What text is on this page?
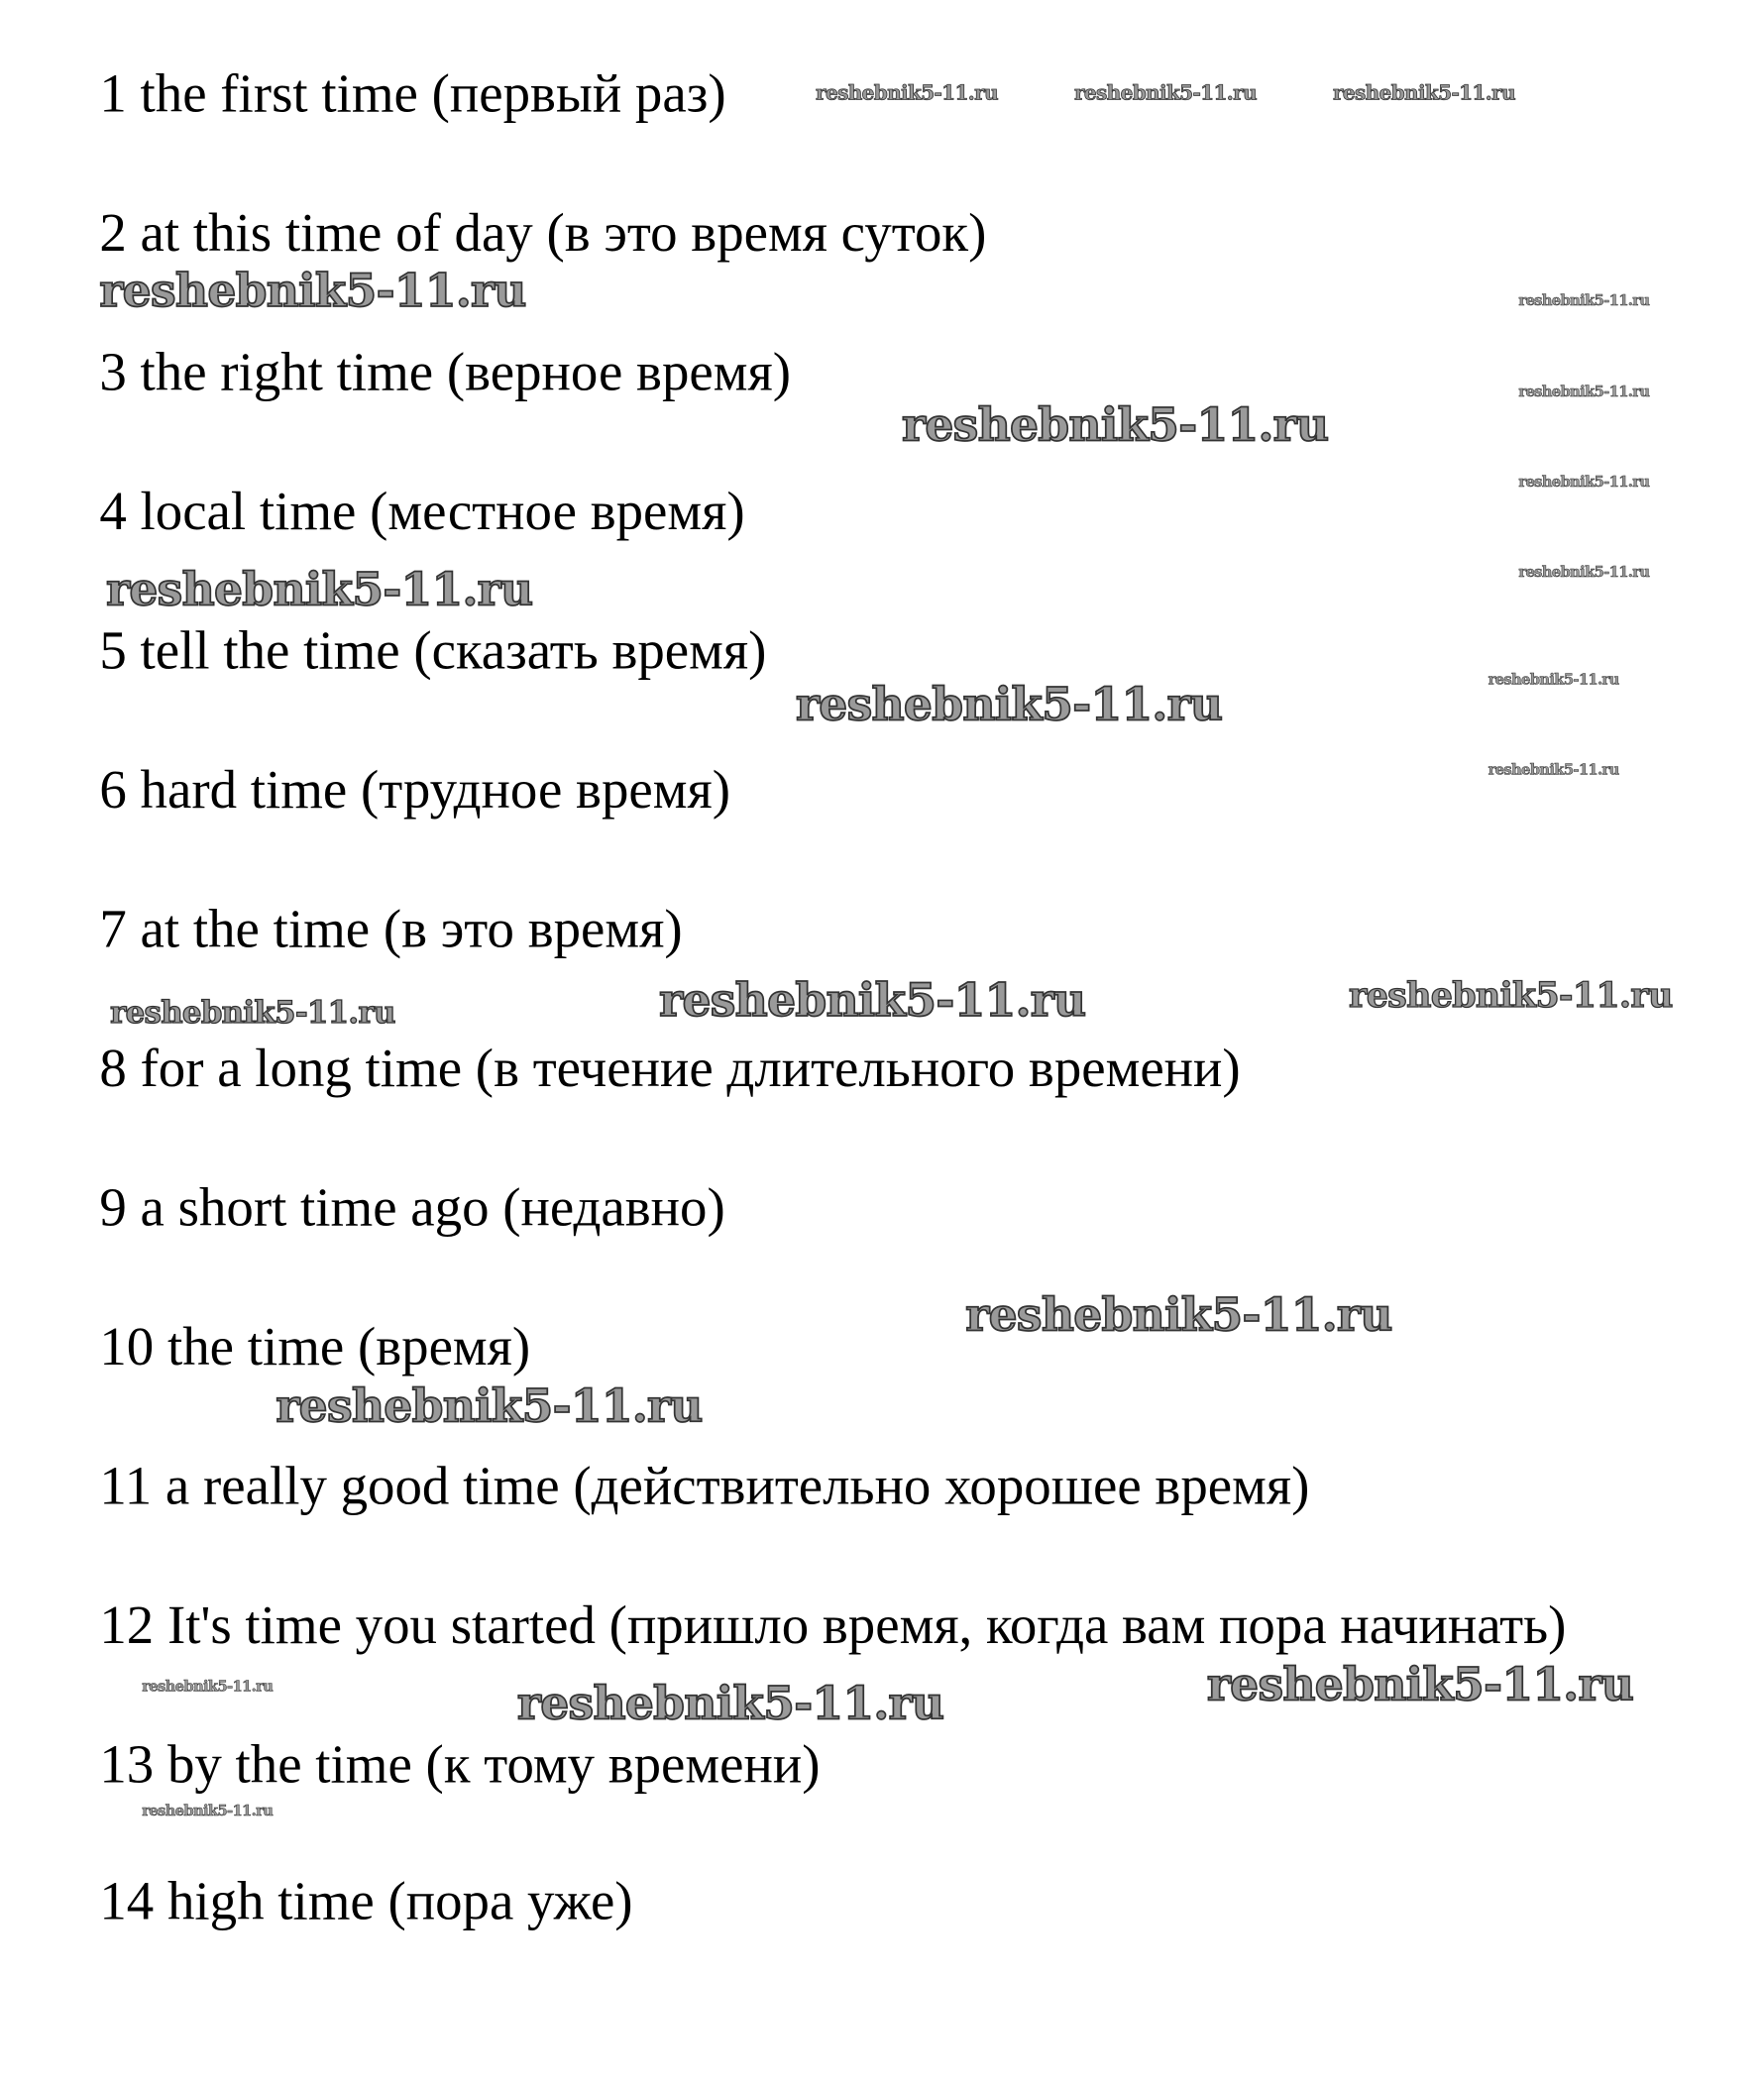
1 the first time (первый раз)
2 at this time of day (в это время суток)
3 the right time (верное время)
4 local time (местное время)
5 tell the time (сказать время)
6 hard time (трудное время)
7 at the time (в это время)
8 for a long time (в течение длительного времени)
9 a short time ago (недавно)
10 the time (время)
11 a really good time (действительно хорошее время)
12 It's time you started (пришло время, когда вам пора начинать)
13 by the time (к тому времени)
14 high time (пора уже)
reshebnik5-11.ru	reshebnik5-11.ru	reshebnik5-11.ru
reshebnik5-11.ru	reshebnik5-11.ru
reshebnik5-11.ru
reshebnik5-11.ru
reshebnik5-11.ru
reshebnik5-11.ru
reshebnik5-11.ru
reshebnik5-11.ru
reshebnik5-11.ru
reshebnik5-11.ru
reshebnik5-11.ru	reshebnik5-11.ru
reshebnik5-11.ru
reshebnik5-11.ru
reshebnik5-11.ru
reshebnik5-11.ru
reshebnik5-11.ru
reshebnik5-11.ru
reshebnik5-11.ru
